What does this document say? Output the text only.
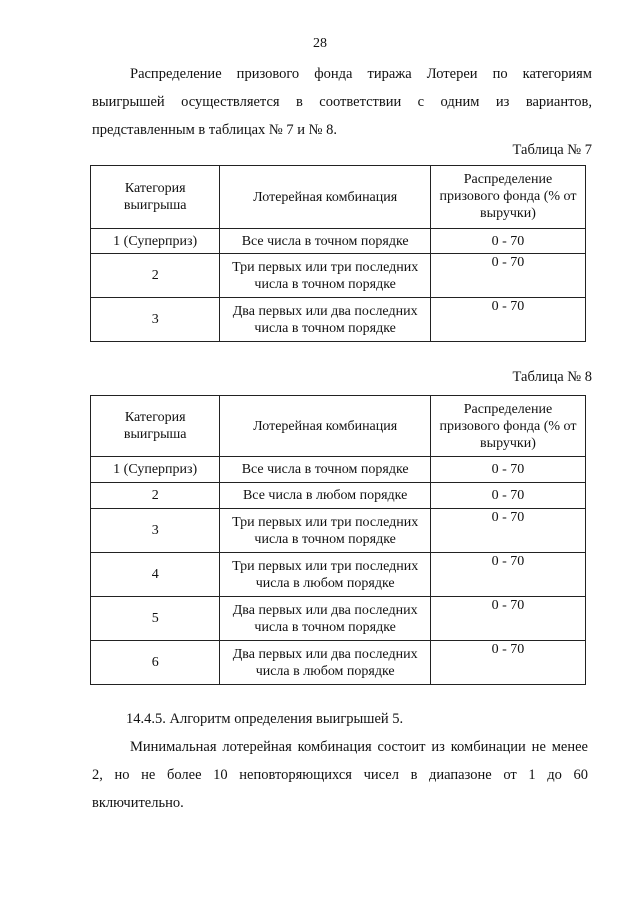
28
Распределение призового фонда тиража Лотереи по категориям
выигрышей осуществляется в соответствии с одним из вариантов,
представленным в таблицах № 7 и № 8.
Таблица № 7
Категория выигрыша	Лотерейная комбинация	Распределение призового фонда (% от выручки)
1 (Суперприз)	Все числа в точном порядке	0 - 70
2	Три первых или три последних числа в точном порядке	0 - 70
3	Два первых или два последних числа в точном порядке	0 - 70
Таблица № 8
Категория выигрыша	Лотерейная комбинация	Распределение призового фонда (% от выручки)
1 (Суперприз)	Все числа в точном порядке	0 - 70
2	Все числа в любом порядке	0 - 70
3	Три первых или три последних числа в точном порядке	0 - 70
4	Три первых или три последних числа в любом порядке	0 - 70
5	Два первых или два последних числа в точном порядке	0 - 70
6	Два первых или два последних числа в любом порядке	0 - 70
14.4.5. Алгоритм определения выигрышей 5.
Минимальная лотерейная комбинация состоит из комбинации не менее
2, но не более 10 неповторяющихся чисел в диапазоне от 1 до 60
включительно.
